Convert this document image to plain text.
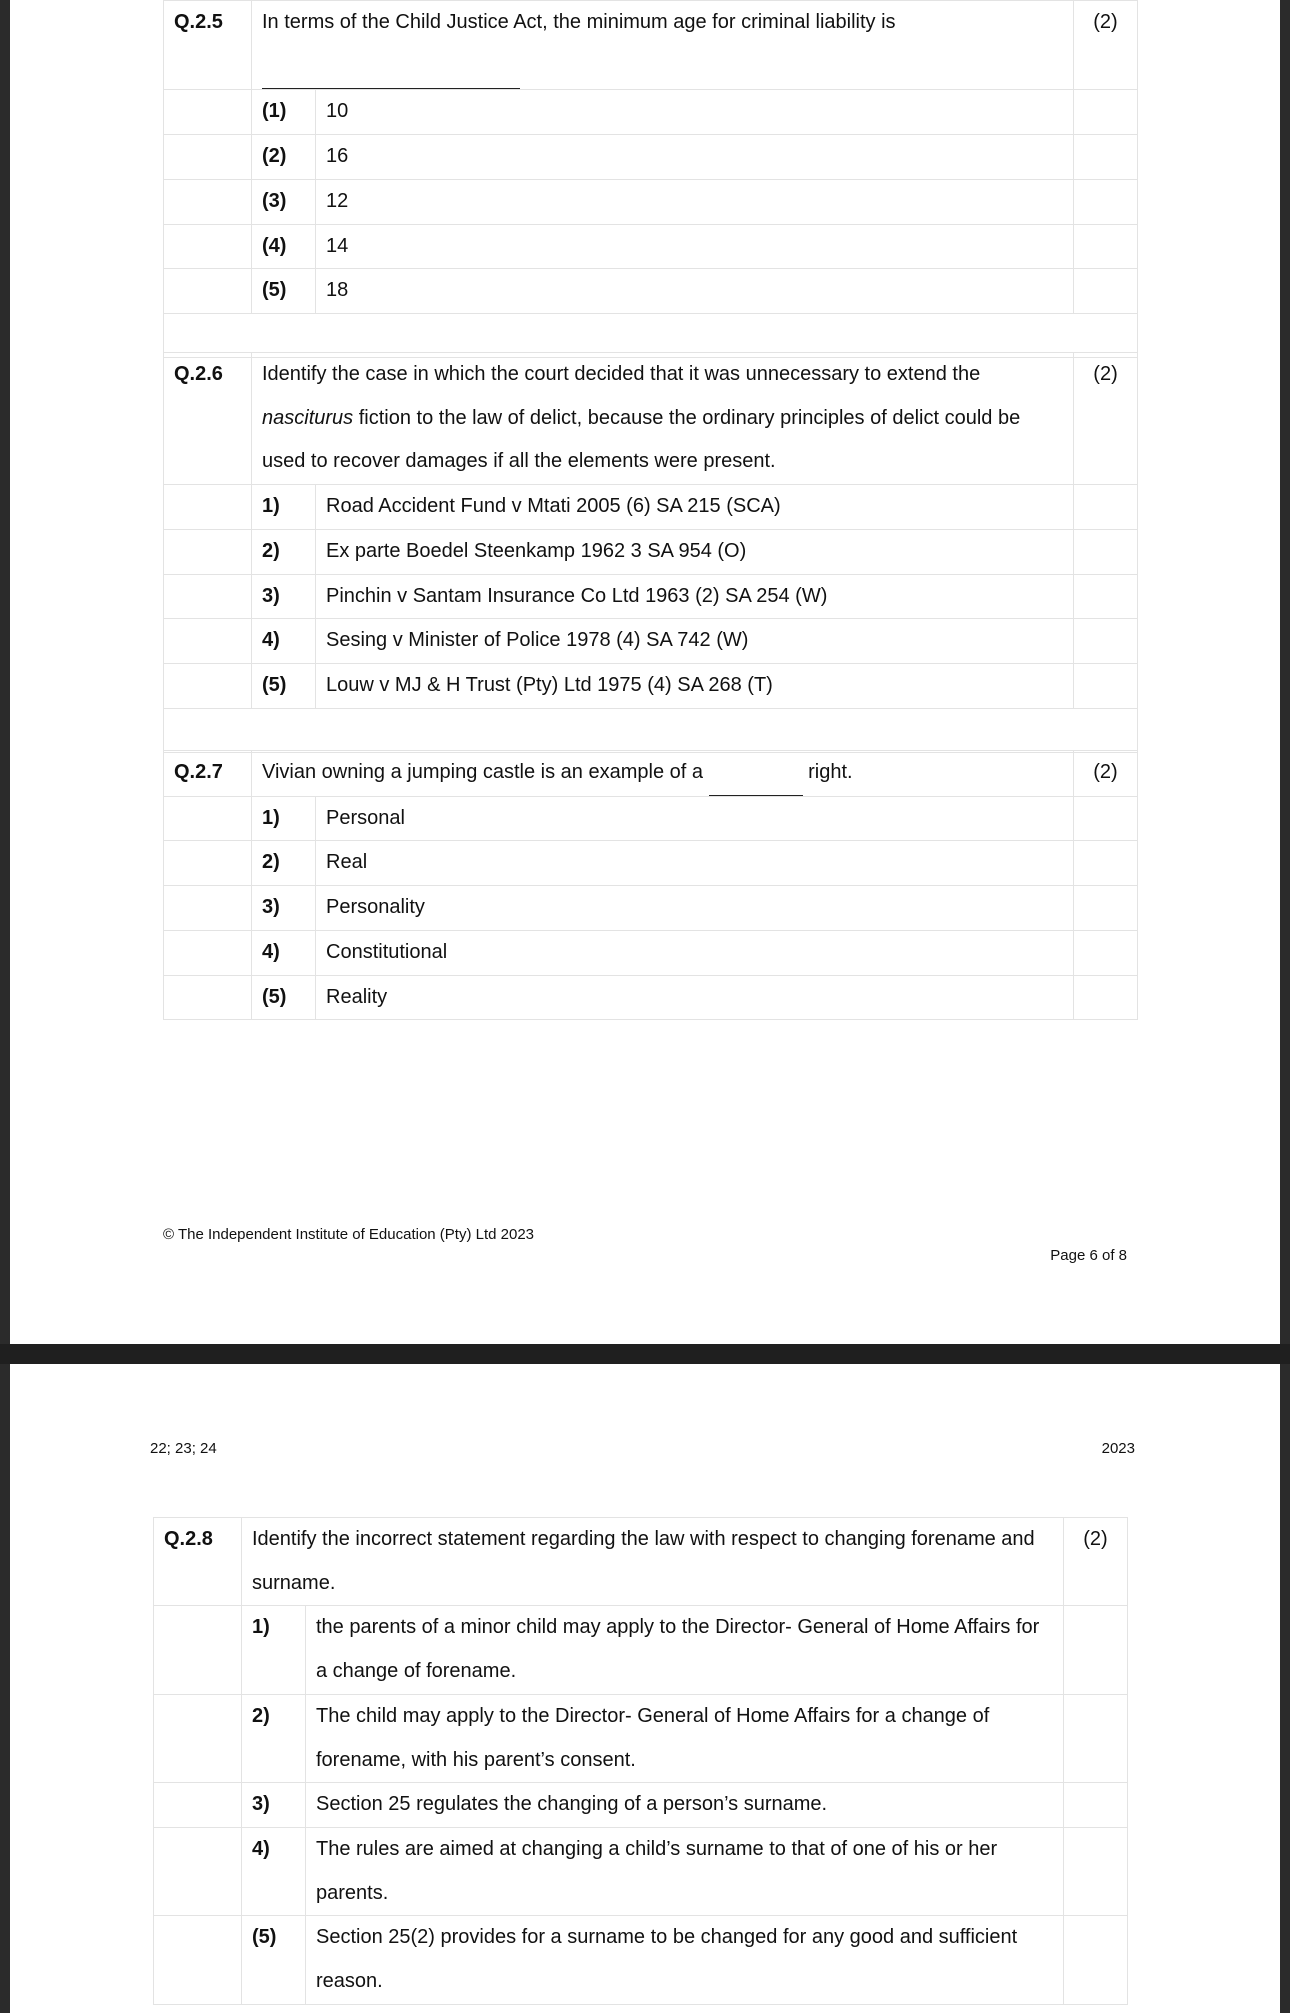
Q.2.5	In terms of the Child Justice Act, the minimum age for criminal liability is		(2)
	(1)	10	
	(2)	16	
	(3)	12	
	(4)	14	
	(5)	18	

Q.2.6	Identify the case in which the court decided that it was unnecessary to extend the nasciturus fiction to the law of delict, because the ordinary principles of delict could be used to recover damages if all the elements were present.		(2)
	1)	Road Accident Fund v Mtati 2005 (6) SA 215 (SCA)	
	2)	Ex parte Boedel Steenkamp 1962 3 SA 954 (O)	
	3)	Pinchin v Santam Insurance Co Ltd 1963 (2) SA 254 (W)	
	4)	Sesing v Minister of Police 1978 (4) SA 742 (W)	
	(5)	Louw v MJ & H Trust (Pty) Ltd 1975 (4) SA 268 (T)	

Q.2.7	Vivian owning a jumping castle is an example of a right.		(2)
	1)	Personal	
	2)	Real	
	3)	Personality	
	4)	Constitutional	
	(5)	Reality	
© The Independent Institute of Education (Pty) Ltd 2023
Page 6 of 8
22; 23; 24	2023
Q.2.8	Identify the incorrect statement regarding the law with respect to changing forename and surname.		(2)
	1)	the parents of a minor child may apply to the Director- General of Home Affairs for a change of forename.	
	2)	The child may apply to the Director- General of Home Affairs for a change of forename, with his parent’s consent.	
	3)	Section 25 regulates the changing of a person’s surname.	
	4)	The rules are aimed at changing a child’s surname to that of one of his or her parents.	
	(5)	Section 25(2) provides for a surname to be changed for any good and sufficient reason.	
